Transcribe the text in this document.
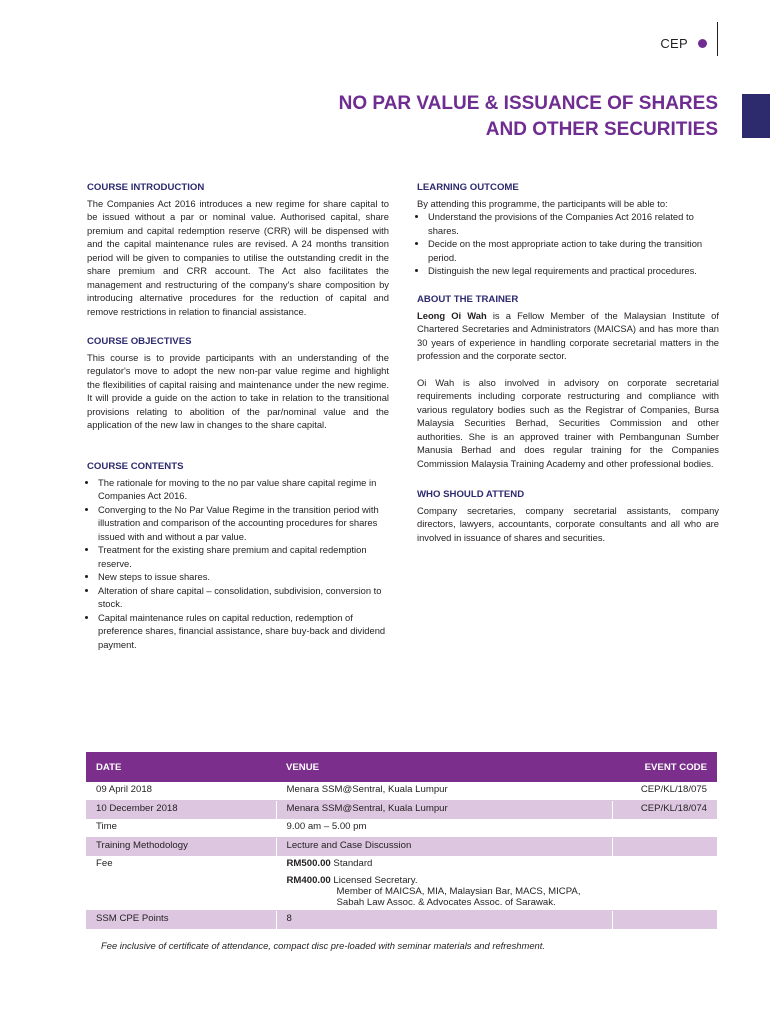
CEP
NO PAR VALUE & ISSUANCE OF SHARES
AND OTHER SECURITIES
COURSE INTRODUCTION

The Companies Act 2016 introduces a new regime for share capital to be issued without a par or nominal value. Authorised capital, share premium and capital redemption reserve (CRR) will be dispensed with and the capital maintenance rules are revised. A 24 months transition period will be given to companies to utilise the outstanding credit in the share premium and CRR account. The Act also facilitates the management and restructuring of the company's share composition by introducing alternative procedures for the reduction of capital and remove restrictions in relation to financial assistance.

COURSE OBJECTIVES

This course is to provide participants with an understanding of the regulator's move to adopt the new non-par value regime and highlight the flexibilities of capital raising and maintenance under the new regime. It will provide a guide on the action to take in relation to the transitional provisions relating to abolition of the par/nominal value and the application of the new law in changes to the share capital.

COURSE CONTENTS
• The rationale for moving to the no par value share capital regime in Companies Act 2016.
• Converging to the No Par Value Regime in the transition period with illustration and comparison of the accounting procedures for shares issued with and without a par value.
• Treatment for the existing share premium and capital redemption reserve.
• New steps to issue shares.
• Alteration of share capital – consolidation, subdivision, conversion to stock.
• Capital maintenance rules on capital reduction, redemption of preference shares, financial assistance, share buy-back and dividend payment.
LEARNING OUTCOME
By attending this programme, the participants will be able to:
• Understand the provisions of the Companies Act 2016 related to shares.
• Decide on the most appropriate action to take during the transition period.
• Distinguish the new legal requirements and practical procedures.
ABOUT THE TRAINER

Leong Oi Wah is a Fellow Member of the Malaysian Institute of Chartered Secretaries and Administrators (MAICSA) and has more than 30 years of experience in handling corporate secretarial matters in the profession and the corporate sector.

Oi Wah is also involved in advisory on corporate secretarial requirements including corporate restructuring and compliance with various regulatory bodies such as the Registrar of Companies, Bursa Malaysia Securities Berhad, Securities Commission and other authorities. She is an approved trainer with Pembangunan Sumber Manusia Berhad and does regular training for the Companies Commission Malaysia Training Academy and other professional bodies.

WHO SHOULD ATTEND

Company secretaries, company secretarial assistants, company directors, lawyers, accountants, corporate consultants and all who are involved in issuance of shares and securities.

DATE	VENUE	EVENT CODE
09 April 2018	Menara SSM@Sentral, Kuala Lumpur	CEP/KL/18/075
10 December 2018	Menara SSM@Sentral, Kuala Lumpur	CEP/KL/18/074
Time	9.00 am – 5.00 pm	
Training Methodology	Lecture and Case Discussion	
Fee	RM500.00 Standard
RM400.00 Licensed Secretary.
Member of MAICSA, MIA, Malaysian Bar, MACS, MICPA,
Sabah Law Assoc. & Advocates Assoc. of Sarawak.	

SSM CPE Points	8	
Fee inclusive of certificate of attendance, compact disc pre-loaded with seminar materials and refreshment.
